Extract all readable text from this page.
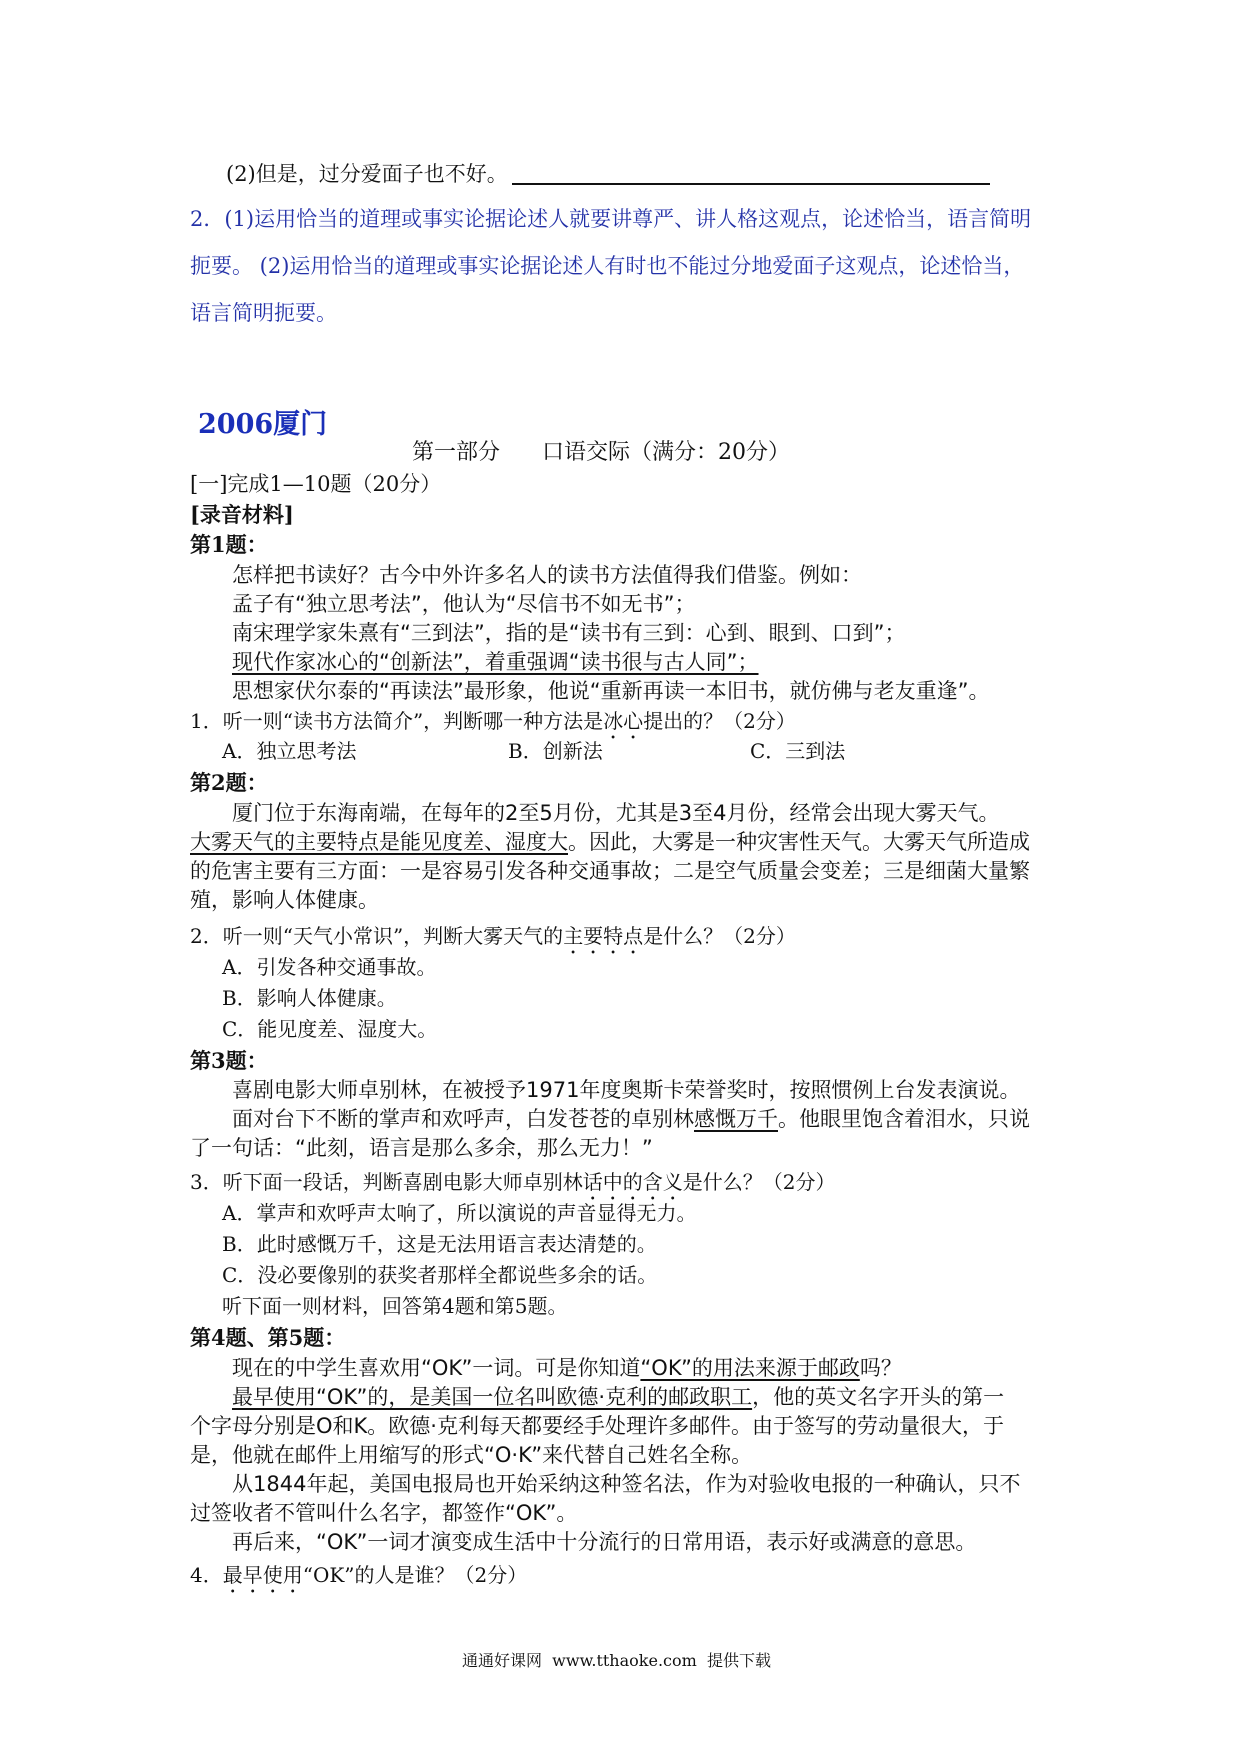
(2)但是，过分爱面子也不好。
2．(1)运用恰当的道理或事实论据论述人就要讲尊严、讲人格这观点，论述恰当，语言简明
扼要。 (2)运用恰当的道理或事实论据论述人有时也不能过分地爱面子这观点，论述恰当，
语言简明扼要。
2006厦门
第一部分      口语交际（满分：20分）
[一]完成1—10题（20分）
[录音材料]
第1题：
怎样把书读好？古今中外许多名人的读书方法值得我们借鉴。例如：
孟子有“独立思考法”，他认为“尽信书不如无书”；
南宋理学家朱熹有“三到法”，指的是“读书有三到：心到、眼到、口到”；
现代作家冰心的“创新法”，着重强调“读书很与古人同”；
思想家伏尔泰的“再读法”最形象，他说“重新再读一本旧书，就仿佛与老友重逢”。
1．听一则“读书方法简介”，判断哪一种方法是冰心提出的？（2分）
A．独立思考法	B．创新法	C．三到法
第2题：
厦门位于东海南端，在每年的2至5月份，尤其是3至4月份，经常会出现大雾天气。
大雾天气的主要特点是能见度差、湿度大。因此，大雾是一种灾害性天气。大雾天气所造成
的危害主要有三方面：一是容易引发各种交通事故；二是空气质量会变差；三是细菌大量繁
殖，影响人体健康。
2．听一则“天气小常识”，判断大雾天气的主要特点是什么？（2分）
A．引发各种交通事故。
B．影响人体健康。
C．能见度差、湿度大。
第3题：
喜剧电影大师卓别林，在被授予1971年度奥斯卡荣誉奖时，按照惯例上台发表演说。
面对台下不断的掌声和欢呼声，白发苍苍的卓别林感慨万千。他眼里饱含着泪水，只说
了一句话：“此刻，语言是那么多余，那么无力！”
3．听下面一段话，判断喜剧电影大师卓别林话中的含义是什么？（2分）
A．掌声和欢呼声太响了，所以演说的声音显得无力。
B．此时感慨万千，这是无法用语言表达清楚的。
C．没必要像别的获奖者那样全都说些多余的话。
听下面一则材料，回答第4题和第5题。
第4题、第5题：
现在的中学生喜欢用“OK”一词。可是你知道“OK”的用法来源于邮政吗？
最早使用“OK”的，是美国一位名叫欧德·克利的邮政职工，他的英文名字开头的第一
个字母分别是O和K。欧德·克利每天都要经手处理许多邮件。由于签写的劳动量很大，于
是，他就在邮件上用缩写的形式“O·K”来代替自己姓名全称。
从1844年起，美国电报局也开始采纳这种签名法，作为对验收电报的一种确认，只不
过签收者不管叫什么名字，都签作“OK”。
再后来，“OK”一词才演变成生活中十分流行的日常用语，表示好或满意的意思。
4．最早使用“OK”的人是谁？（2分）
通通好课网  www.tthaoke.com  提供下载
